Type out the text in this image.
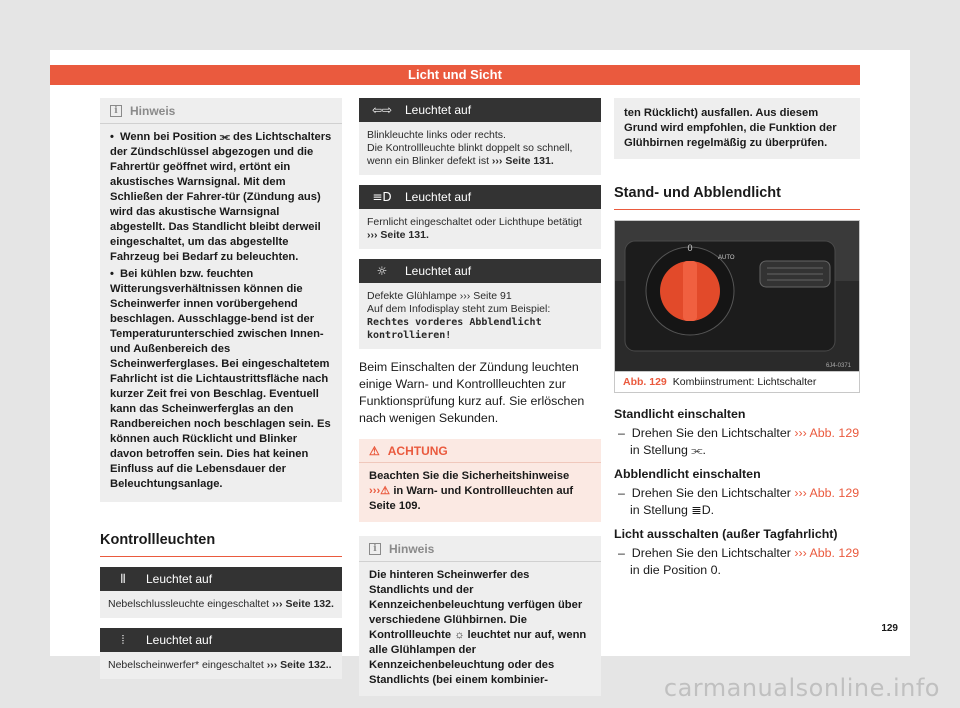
Licht und Sicht
i	Hinweis

• Wenn bei Position ⫘ des Lichtschalters der Zündschlüssel abgezogen und die Fahrertür geöffnet wird, ertönt ein akustisches Warnsignal. Mit dem Schließen der Fahrer-tür (Zündung aus) wird das akustische Warnsignal abgestellt. Das Standlicht bleibt derweil eingeschaltet, um das abgestellte Fahrzeug bei Bedarf zu beleuchten.

• Bei kühlen bzw. feuchten Witterungsverhältnissen können die Scheinwerfer innen vorübergehend beschlagen. Ausschlagge-bend ist der Temperaturunterschied zwischen Innen- und Außenbereich des Scheinwerferglases. Bei eingeschaltetem Fahrlicht ist die Lichtaustrittsfläche nach kurzer Zeit frei von Beschlag. Eventuell kann das Scheinwerferglas an den Randbereichen noch beschlagen sein. Es können auch Rücklicht und Blinker davon betroffen sein. Dies hat keinen Einfluss auf die Lebensdauer der Beleuchtungsanlage.

Kontrollleuchten
⦀	Leuchtet auf
Nebelschlussleuchte eingeschaltet ››› Seite 132.
⦙	Leuchtet auf
Nebelscheinwerfer* eingeschaltet ››› Seite 132..
⇦⇨	Leuchtet auf
Blinkleuchte links oder rechts.
Die Kontrollleuchte blinkt doppelt so schnell, wenn ein Blinker defekt ist ››› Seite 131.
≡D	Leuchtet auf
Fernlicht eingeschaltet oder Lichthupe betätigt
››› Seite 131.
☼	Leuchtet auf
Defekte Glühlampe ››› Seite 91
Auf dem Infodisplay steht zum Beispiel:
Rechtes vorderes Abblendlicht kontrollieren!

Beim Einschalten der Zündung leuchten einige Warn- und Kontrollleuchten zur Funktionsprüfung kurz auf. Sie erlöschen nach wenigen Sekunden.

⚠ ACHTUNG
Beachten Sie die Sicherheitshinweise ›››⚠ in Warn- und Kontrollleuchten auf Seite 109.
i	Hinweis
Die hinteren Scheinwerfer des Standlichts und der Kennzeichenbeleuchtung verfügen über verschiedene Glühbirnen. Die Kontrollleuchte ☼ leuchtet nur auf, wenn alle Glühlampen der Kennzeichenbeleuchtung oder des Standlichts (bei einem kombinier-
ten Rücklicht) ausfallen. Aus diesem Grund wird empfohlen, die Funktion der Glühbirnen regelmäßig zu überprüfen.
Stand- und Abblendlicht
0
AUTO
6J4-0371
Abb. 129 Kombiinstrument: Lichtschalter
Standlicht einschalten
–  Drehen Sie den Lichtschalter ››› Abb. 129 in Stellung ⫘.
Abblendlicht einschalten
–  Drehen Sie den Lichtschalter ››› Abb. 129 in Stellung ≣D.
Licht ausschalten (außer Tagfahrlicht)
–  Drehen Sie den Lichtschalter ››› Abb. 129 in die Position 0.
129
carmanualsonline.info
